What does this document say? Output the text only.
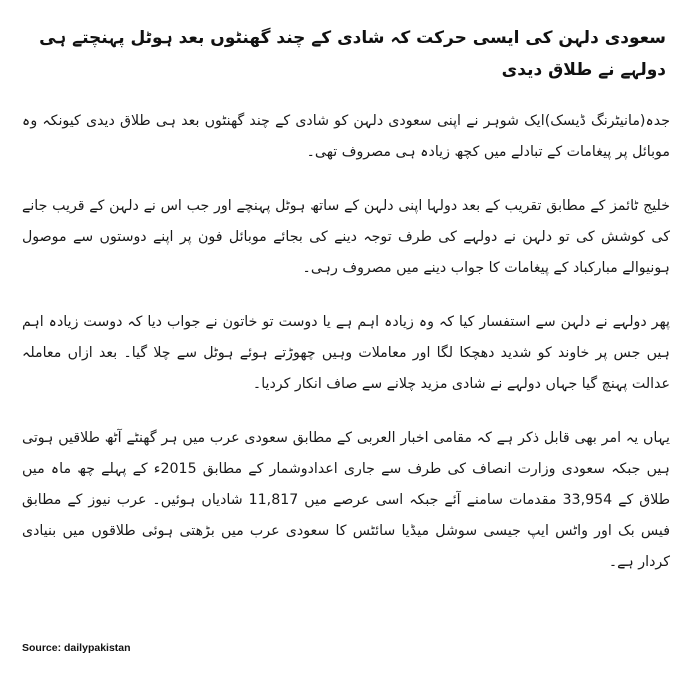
سعودی دلہن کی ایسی حرکت کہ شادی کے چند گھنٹوں بعد ہوٹل پہنچتے ہی دولہے نے طلاق دیدی

جدہ(مانیٹرنگ ڈیسک)ایک شوہر نے اپنی سعودی دلہن کو شادی کے چند گھنٹوں بعد ہی طلاق دیدی کیونکہ وہ موبائل پر پیغامات کے تبادلے میں کچھ زیادہ ہی مصروف تھی۔

خلیج ٹائمز کے مطابق تقریب کے بعد دولہا اپنی دلہن کے ساتھ ہوٹل پہنچے اور جب اس نے دلہن کے قریب جانے کی کوشش کی تو دلہن نے دولہے کی طرف توجہ دینے کی بجائے موبائل فون پر اپنے دوستوں سے موصول ہونیوالے مبارکباد کے پیغامات کا جواب دینے میں مصروف رہی۔

پھر دولہے نے دلہن سے استفسار کیا کہ وہ زیادہ اہم ہے یا دوست تو خاتون نے جواب دیا کہ دوست زیادہ اہم ہیں جس پر خاوند کو شدید دھچکا لگا اور معاملات وہیں چھوڑتے ہوئے ہوٹل سے چلا گیا۔ بعد ازاں معاملہ عدالت پہنچ گیا جہاں دولہے نے شادی مزید چلانے سے صاف انکار کردیا۔

یہاں یہ امر بھی قابل ذکر ہے کہ مقامی اخبار العربی کے مطابق سعودی عرب میں ہر گھنٹے آٹھ طلاقیں ہوتی ہیں جبکہ سعودی وزارت انصاف کی طرف سے جاری اعدادوشمار کے مطابق 2015ء کے پہلے چھ ماہ میں طلاق کے 33,954 مقدمات سامنے آئے جبکہ اسی عرصے میں 11,817 شادیاں ہوئیں۔ عرب نیوز کے مطابق فیس بک اور واٹس ایپ جیسی سوشل میڈیا سائٹس کا سعودی عرب میں بڑھتی ہوئی طلاقوں میں بنیادی کردار ہے۔

Source: dailypakistan
